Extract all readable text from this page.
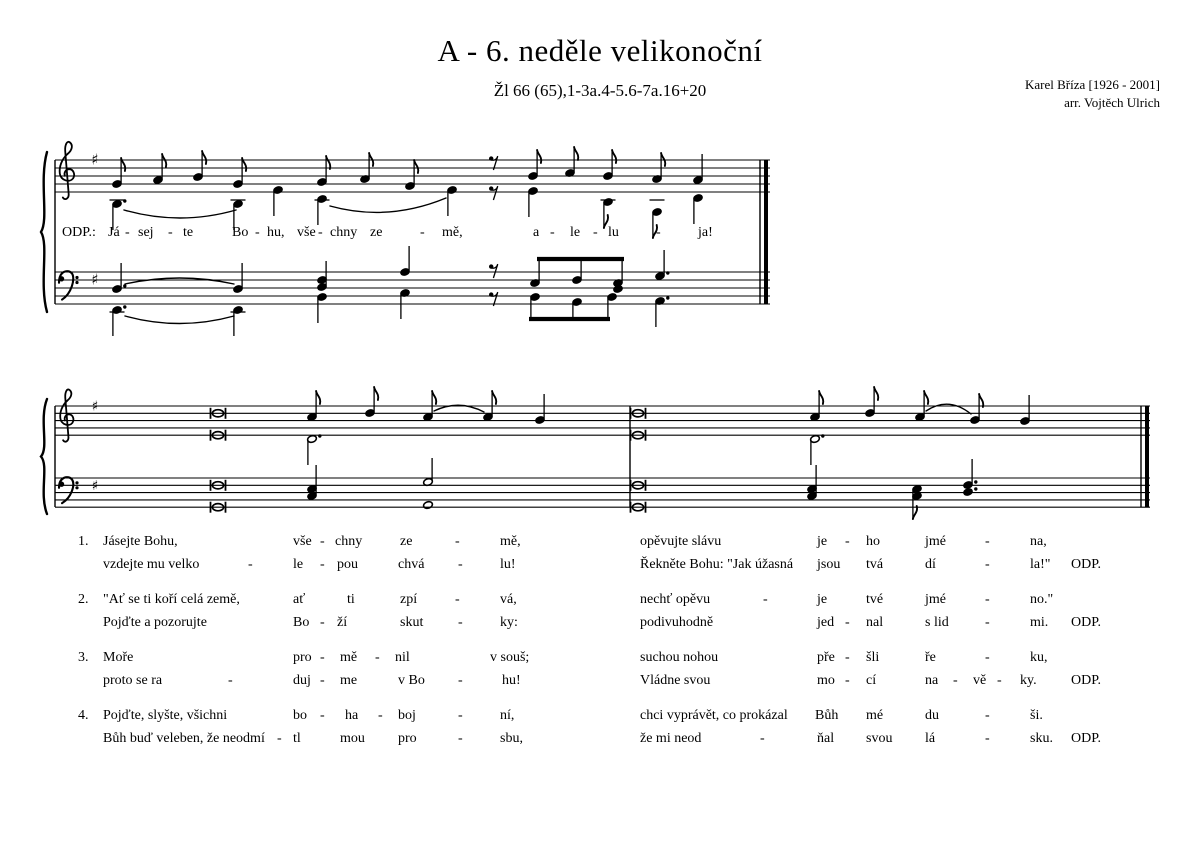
♯
♯
♯
♯
A - 6. neděle velikonoční
Žl 66 (65),1-3a.4-5.6-7a.16+20	Karel Bříza [1926 - 2001]
arr. Vojtěch Ulrich
ODP.: Já - sej - te	Bo - hu, vše - chny ze	- mě,	a - le - lu	-	ja!
1. Jásejte Bohu,	vše - chny	ze	-	mě,	opěvujte slávu	je - ho	jmé	-	na,
vzdejte mu velko	-	le - pou	chvá -	lu!	Řekněte Bohu: "Jak úžasná jsou tvá	dí	-	la!" ODP.
2. "Ať se ti koří celá země,	ať	ti	zpí	-	vá,	nechť opěvu	-	je	tvé	jmé	-	no."
Pojďte a pozorujte	Bo - ží	skut -	ky:	podivuhodně	jed - nal	s lid	-	mi. ODP.
3. Moře	pro - mě - nil	v souš;	suchou nohou	pře - šli	ře	-	ku,
proto se ra	-	duj - me	v Bo -	hu!	Vládne svou	mo - cí	na - vě - ky. ODP.
4. Pojďte, slyšte, všichni	bo - ha - boj	-	ní,	chci vyprávět, co prokázal Bůh mé	du	-	ši.
Bůh buď veleben, že neodmí - tl	mou pro	-	sbu,	že mi neod	-	ňal svou lá	-	sku. ODP.
